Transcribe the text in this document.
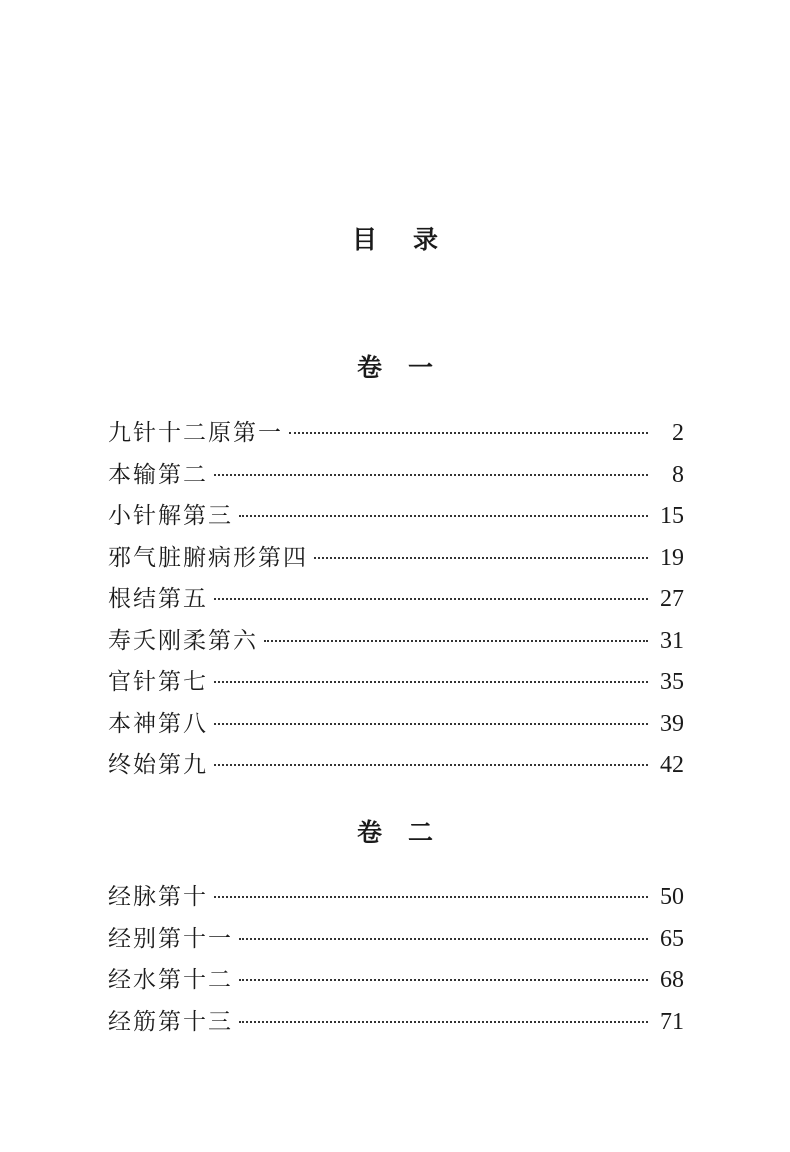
目录
卷一
九针十二原第一	2
本输第二	8
小针解第三	15
邪气脏腑病形第四	19
根结第五	27
寿夭刚柔第六	31
官针第七	35
本神第八	39
终始第九	42
卷二
经脉第十	50
经别第十一	65
经水第十二	68
经筋第十三	71
